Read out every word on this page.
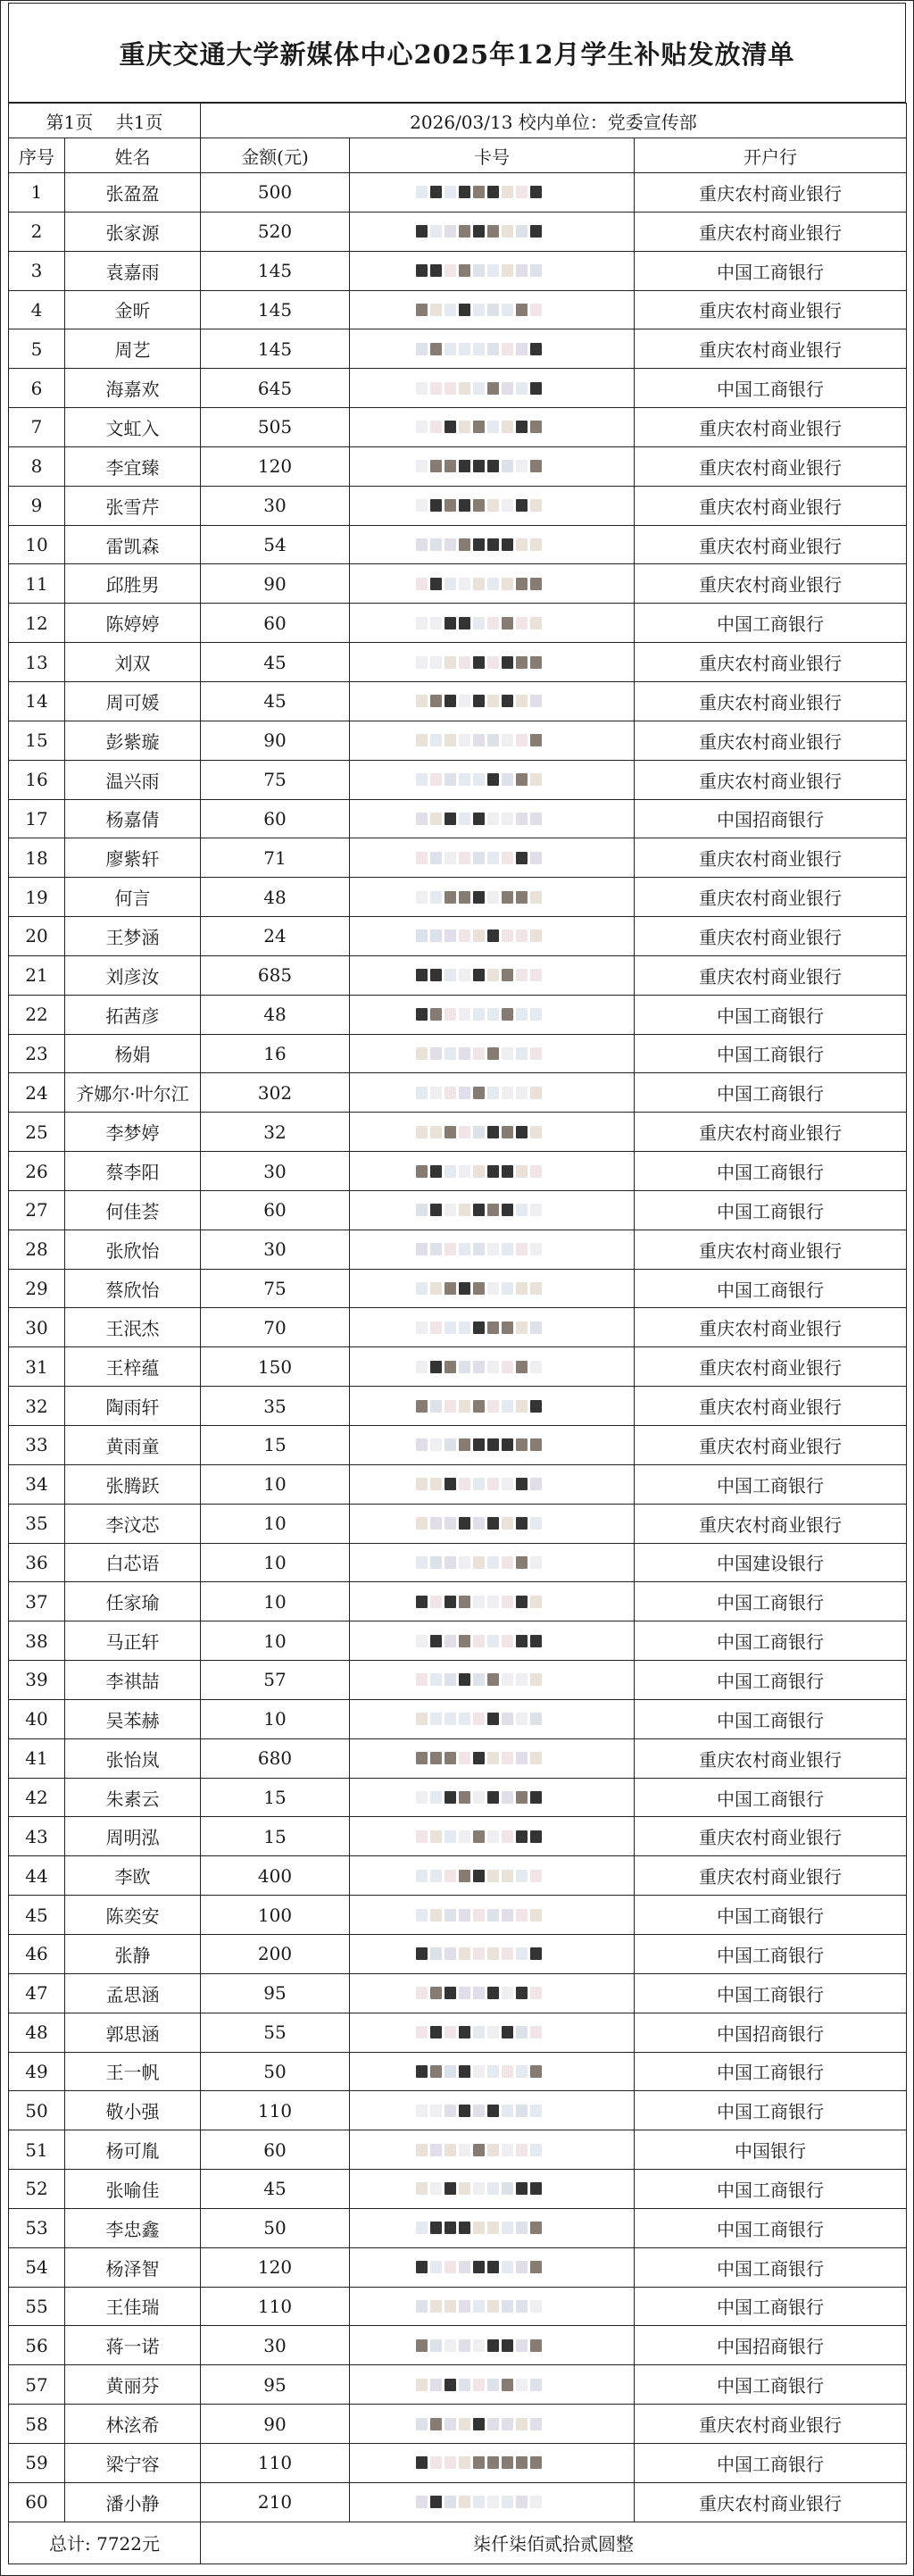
重庆交通大学新媒体中心2025年12月学生补贴发放清单
第1页 共1页		2026/03/13 校内单位：党委宣传部		
序号	姓名	金额(元)	卡号	开户行
1	张盈盈	500		重庆农村商业银行
2	张家源	520		重庆农村商业银行
3	袁嘉雨	145		中国工商银行
4	金昕	145		重庆农村商业银行
5	周艺	145		重庆农村商业银行
6	海嘉欢	645		中国工商银行
7	文虹入	505		重庆农村商业银行
8	李宜臻	120		重庆农村商业银行
9	张雪芹	30		重庆农村商业银行
10	雷凯森	54		重庆农村商业银行
11	邱胜男	90		重庆农村商业银行
12	陈婷婷	60		中国工商银行
13	刘双	45		重庆农村商业银行
14	周可媛	45		重庆农村商业银行
15	彭紫璇	90		重庆农村商业银行
16	温兴雨	75		重庆农村商业银行
17	杨嘉倩	60		中国招商银行
18	廖紫轩	71		重庆农村商业银行
19	何言	48		重庆农村商业银行
20	王梦涵	24		重庆农村商业银行
21	刘彦汝	685		重庆农村商业银行
22	拓茜彦	48		中国工商银行
23	杨娟	16		中国工商银行
24	齐娜尔·叶尔江	302		中国工商银行
25	李梦婷	32		重庆农村商业银行
26	蔡李阳	30		中国工商银行
27	何佳荟	60		中国工商银行
28	张欣怡	30		重庆农村商业银行
29	蔡欣怡	75		中国工商银行
30	王泯杰	70		重庆农村商业银行
31	王梓蕴	150		重庆农村商业银行
32	陶雨轩	35		重庆农村商业银行
33	黄雨童	15		重庆农村商业银行
34	张腾跃	10		中国工商银行
35	李汶芯	10		重庆农村商业银行
36	白芯语	10		中国建设银行
37	任家瑜	10		中国工商银行
38	马正轩	10		中国工商银行
39	李祺喆	57		中国工商银行
40	吴苯赫	10		中国工商银行
41	张怡岚	680		重庆农村商业银行
42	朱素云	15		中国工商银行
43	周明泓	15		重庆农村商业银行
44	李欧	400		重庆农村商业银行
45	陈奕安	100		中国工商银行
46	张静	200		中国工商银行
47	孟思涵	95		中国工商银行
48	郭思涵	55		中国招商银行
49	王一帆	50		中国工商银行
50	敬小强	110		中国工商银行
51	杨可胤	60		中国银行
52	张喻佳	45		中国工商银行
53	李忠鑫	50		中国工商银行
54	杨泽智	120		中国工商银行
55	王佳瑞	110		中国工商银行
56	蒋一诺	30		中国招商银行
57	黄丽芬	95		中国工商银行
58	林泫希	90		重庆农村商业银行
59	梁宁容	110		中国工商银行
60	潘小静	210		重庆农村商业银行
总计: 7722元		柒仟柒佰贰拾贰圆整		
